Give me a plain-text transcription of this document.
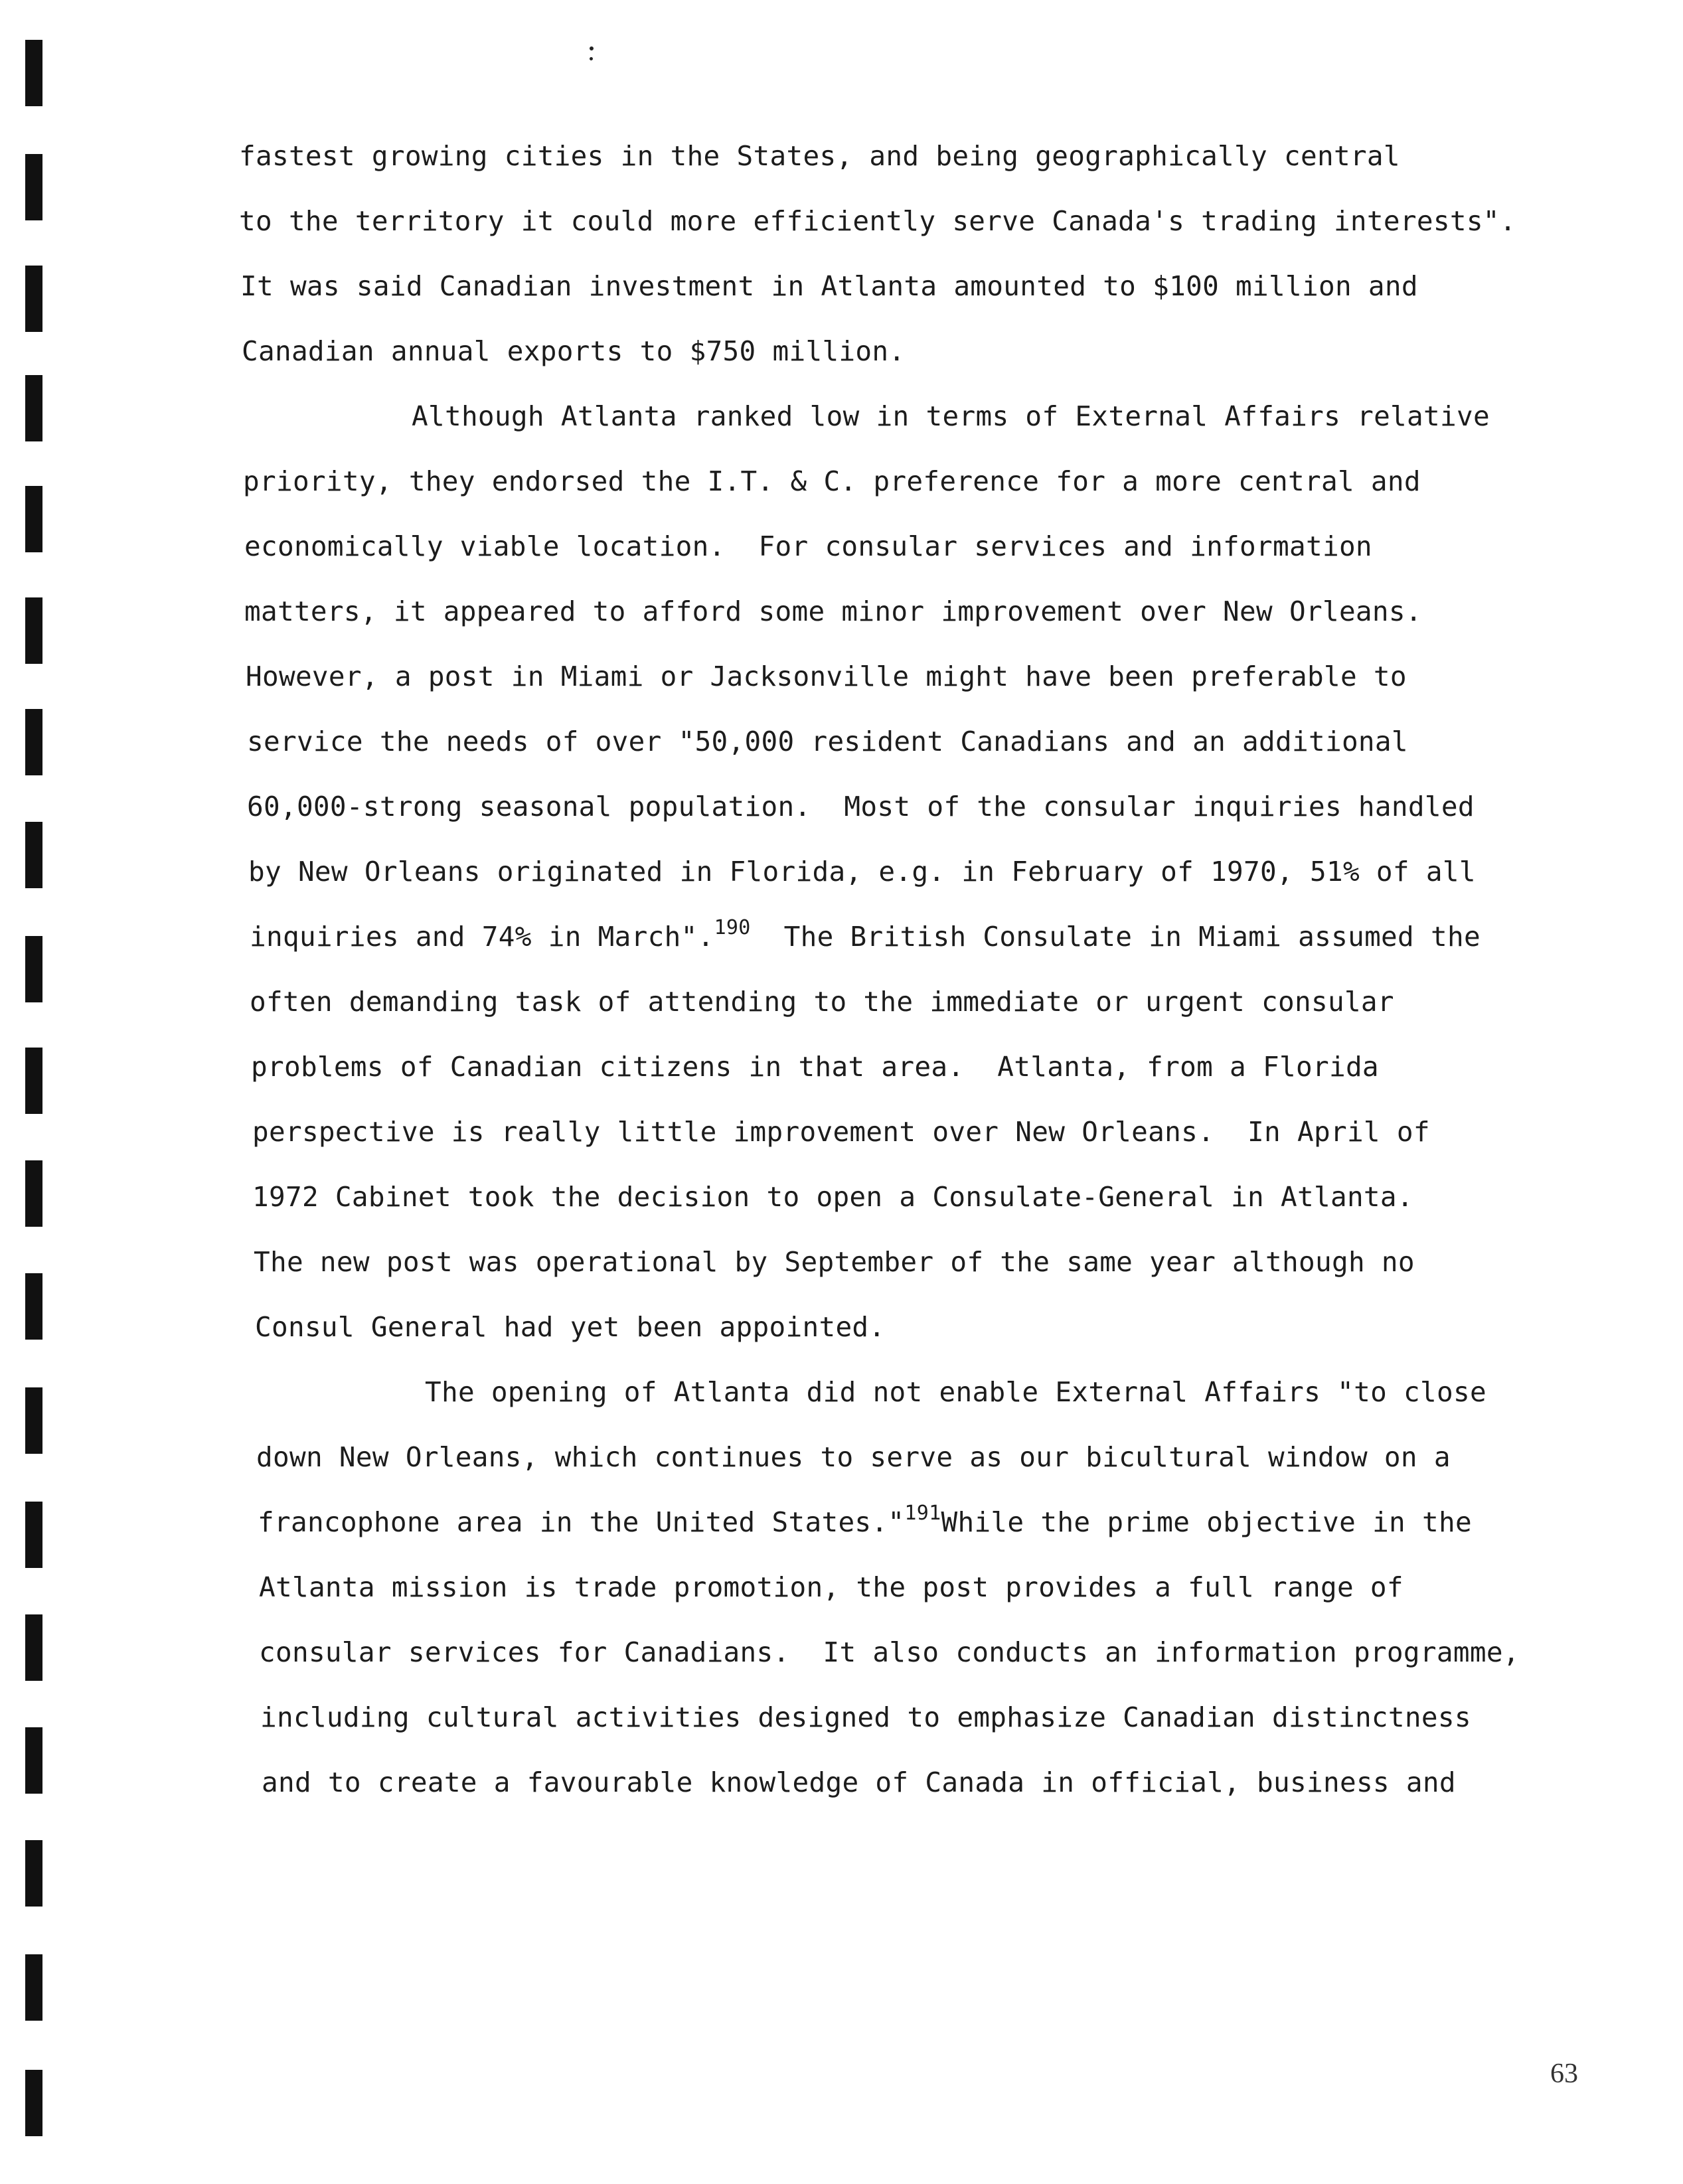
fastest growing cities in the States, and being geographically central
to the territory it could more efficiently serve Canada's trading interests".
It was said Canadian investment in Atlanta amounted to $100 million and
Canadian annual exports to $750 million.
Although Atlanta ranked low in terms of External Affairs relative
priority, they endorsed the I.T. & C. preference for a more central and
economically viable location.  For consular services and information
matters, it appeared to afford some minor improvement over New Orleans.
However, a post in Miami or Jacksonville might have been preferable to
service the needs of over "50,000 resident Canadians and an additional
60,000-strong seasonal population.  Most of the consular inquiries handled
by New Orleans originated in Florida, e.g. in February of 1970, 51% of all
inquiries and 74% in March".$^{190}$  The British Consulate in Miami assumed the
often demanding task of attending to the immediate or urgent consular
problems of Canadian citizens in that area.  Atlanta, from a Florida
perspective is really little improvement over New Orleans.  In April of
1972 Cabinet took the decision to open a Consulate-General in Atlanta.
The new post was operational by September of the same year although no
Consul General had yet been appointed.
The opening of Atlanta did not enable External Affairs "to close
down New Orleans, which continues to serve as our bicultural window on a
francophone area in the United States."$^{191}$While the prime objective in the
Atlanta mission is trade promotion, the post provides a full range of
consular services for Canadians.  It also conducts an information programme,
including cultural activities designed to emphasize Canadian distinctness
and to create a favourable knowledge of Canada in official, business and
63
